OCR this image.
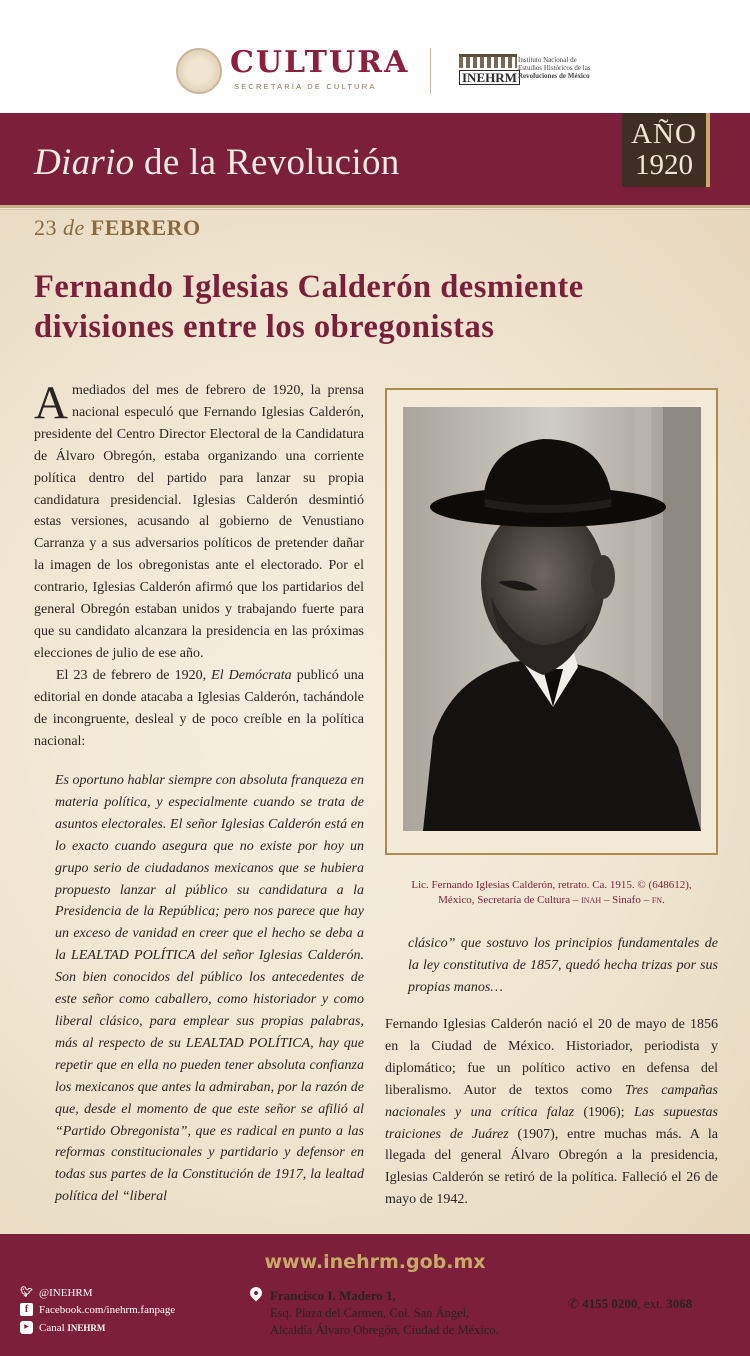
CULTURA
SECRETARÍA DE CULTURA
INEHRM
Instituto Nacional de
Estudios Históricos de las
Revoluciones de México
Diario de la Revolución
AÑO
1920
23 de FEBRERO
Fernando Iglesias Calderón desmiente divisiones entre los obregonistas

Amediados del mes de febrero de 1920, la prensa nacional especuló que Fernando Iglesias Calderón, presidente del Centro Director Electoral de la Candidatura de Álvaro Obregón, estaba organizando una corriente política dentro del partido para lanzar su propia candidatura presidencial. Iglesias Calderón desmintió estas versiones, acusando al gobierno de Venustiano Carranza y a sus adversarios políticos de pretender dañar la imagen de los obregonistas ante el electorado. Por el contrario, Iglesias Calderón afirmó que los partidarios del general Obregón estaban unidos y trabajando fuerte para que su candidato alcanzara la presidencia en las próximas elecciones de julio de ese año.

El 23 de febrero de 1920, El Demócrata publicó una editorial en donde atacaba a Iglesias Calderón, tachándole de incongruente, desleal y de poco creíble en la política nacional:

Es oportuno hablar siempre con absoluta franqueza en materia política, y especialmente cuando se trata de asuntos electorales. El señor Iglesias Calderón está en lo exacto cuando asegura que no existe por hoy un grupo serio de ciudadanos mexicanos que se hubiera propuesto lanzar al público su candidatura a la Presidencia de la República; pero nos parece que hay un exceso de vanidad en creer que el hecho se deba a la LEALTAD POLÍTICA del señor Iglesias Calderón. Son bien conocidos del público los antecedentes de este señor como caballero, como historiador y como liberal clásico, para emplear sus propias palabras, más al respecto de su LEALTAD POLÍTICA, hay que repetir que en ella no pueden tener absoluta confianza los mexicanos que antes la admiraban, por la razón de que, desde el momento de que este señor se afilió al “Partido Obregonista”, que es radical en punto a las reformas constitucionales y partidario y defensor en todas sus partes de la Constitución de 1917, la lealtad política del “liberal

Lic. Fernando Iglesias Calderón, retrato. Ca. 1915. © (648612),
México, Secretaría de Cultura – inah – Sinafo – fn.

clásico” que sostuvo los principios fundamentales de la ley constitutiva de 1857, quedó hecha trizas por sus propias manos…

Fernando Iglesias Calderón nació el 20 de mayo de 1856 en la Ciudad de México. Historiador, periodista y diplomático; fue un político activo en defensa del liberalismo. Autor de textos como Tres campañas nacionales y una crítica falaz (1906); Las supuestas traiciones de Juárez (1907), entre muchas más. A la llegada del general Álvaro Obregón a la presidencia, Iglesias Calderón se retiró de la política. Falleció el 26 de mayo de 1942.

www.inehrm.gob.mx
🐦︎ @INEHRM
f Facebook.com/inehrm.fanpage
▶ Canal INEHRM
Francisco I. Madero 1,
Esq. Plaza del Carmen, Col. San Ángel,
Alcaldía Álvaro Obregón, Ciudad de México.
✆ 4155 0200, ext. 3068
